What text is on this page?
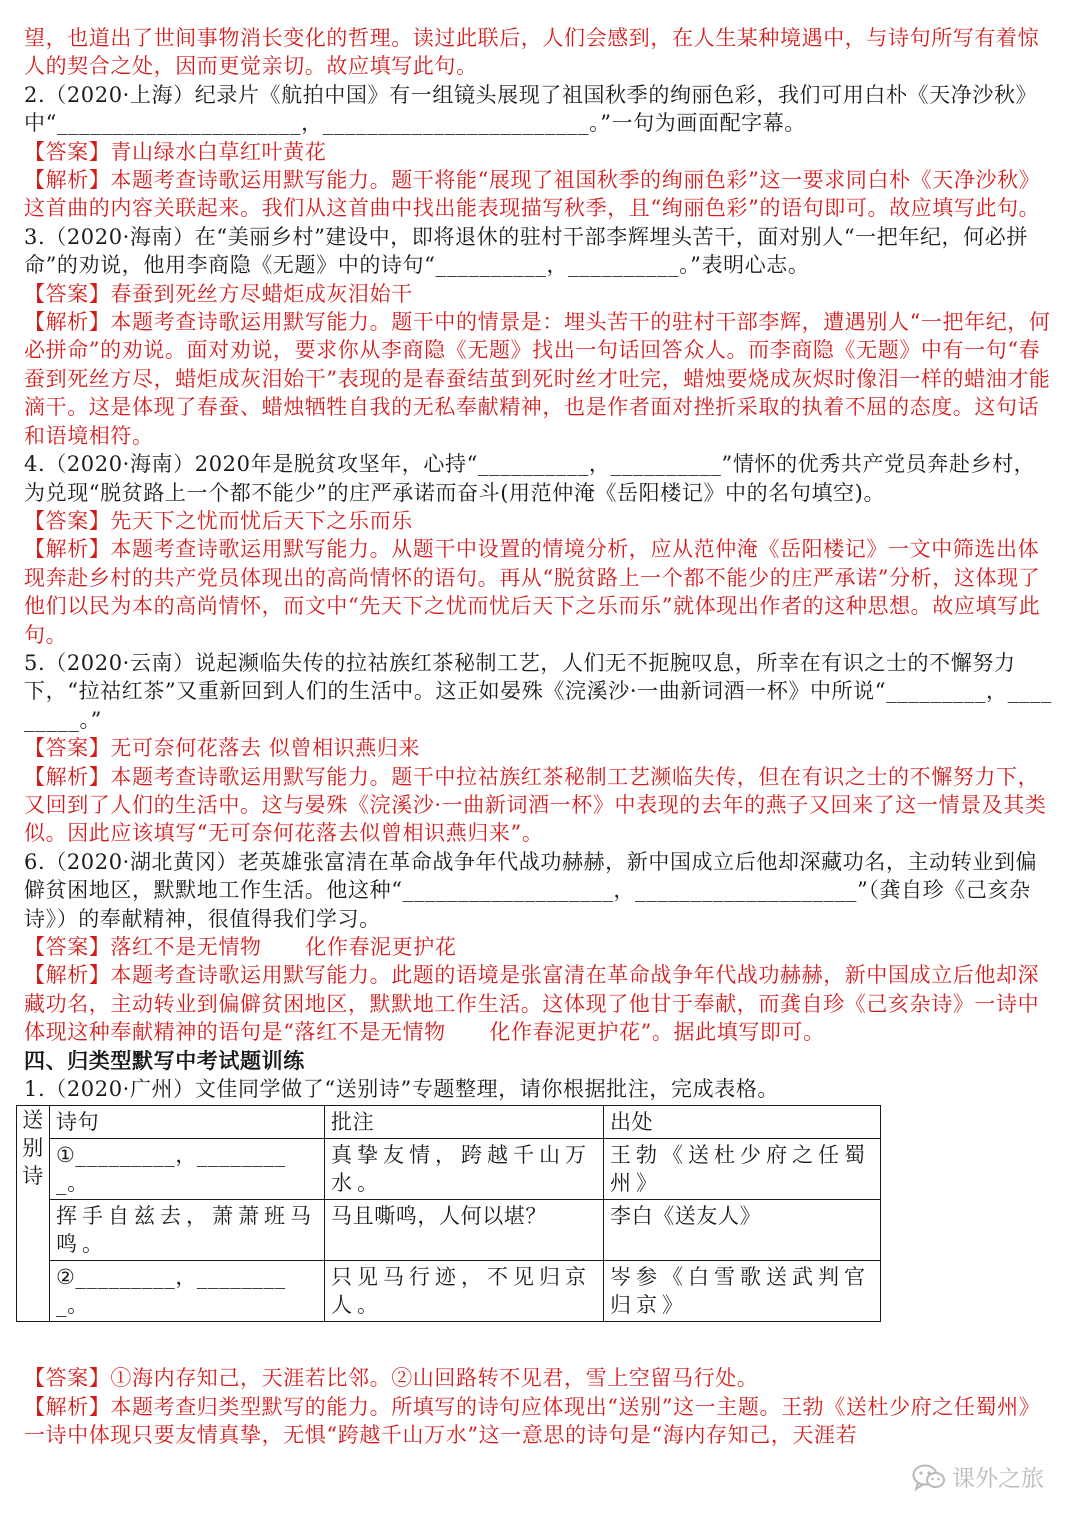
望，也道出了世间事物消长变化的哲理。读过此联后，人们会感到，在人生某种境遇中，与诗句所写有着惊人的契合之处，因而更觉亲切。故应填写此句。

2.（2020·上海）纪录片《航拍中国》有一组镜头展现了祖国秋季的绚丽色彩，我们可用白朴《天净沙秋》中“______________________，________________________。”一句为画面配字幕。

【答案】青山绿水白草红叶黄花

【解析】本题考查诗歌运用默写能力。题干将能“展现了祖国秋季的绚丽色彩”这一要求同白朴《天净沙秋》这首曲的内容关联起来。我们从这首曲中找出能表现描写秋季，且“绚丽色彩”的语句即可。故应填写此句。

3.（2020·海南）在“美丽乡村”建设中，即将退休的驻村干部李辉埋头苦干，面对别人“一把年纪，何必拼命”的劝说，他用李商隐《无题》中的诗句“__________，__________。”表明心志。

【答案】春蚕到死丝方尽蜡炬成灰泪始干

【解析】本题考查诗歌运用默写能力。题干中的情景是：埋头苦干的驻村干部李辉，遭遇别人“一把年纪，何必拼命”的劝说。面对劝说，要求你从李商隐《无题》找出一句话回答众人。而李商隐《无题》中有一句“春蚕到死丝方尽，蜡炬成灰泪始干”表现的是春蚕结茧到死时丝才吐完，蜡烛要烧成灰烬时像泪一样的蜡油才能滴干。这是体现了春蚕、蜡烛牺牲自我的无私奉献精神，也是作者面对挫折采取的执着不屈的态度。这句话和语境相符。

4.（2020·海南）2020年是脱贫攻坚年，心持“__________，__________”情怀的优秀共产党员奔赴乡村，为兑现“脱贫路上一个都不能少”的庄严承诺而奋斗(用范仲淹《岳阳楼记》中的名句填空)。

【答案】先天下之忧而忧后天下之乐而乐

【解析】本题考查诗歌运用默写能力。从题干中设置的情境分析，应从范仲淹《岳阳楼记》一文中筛选出体现奔赴乡村的共产党员体现出的高尚情怀的语句。再从“脱贫路上一个都不能少的庄严承诺”分析，这体现了他们以民为本的高尚情怀，而文中“先天下之忧而忧后天下之乐而乐”就体现出作者的这种思想。故应填写此句。

5.（2020·云南）说起濒临失传的拉祜族红茶秘制工艺，人们无不扼腕叹息，所幸在有识之士的不懈努力下，“拉祜红茶”又重新回到人们的生活中。这正如晏殊《浣溪沙·一曲新词酒一杯》中所说“_________，_________。”

【答案】无可奈何花落去 似曾相识燕归来

【解析】本题考查诗歌运用默写能力。题干中拉祜族红茶秘制工艺濒临失传，但在有识之士的不懈努力下，又回到了人们的生活中。这与晏殊《浣溪沙·一曲新词酒一杯》中表现的去年的燕子又回来了这一情景及其类似。因此应该填写“无可奈何花落去似曾相识燕归来”。

6.（2020·湖北黄冈）老英雄张富清在革命战争年代战功赫赫，新中国成立后他却深藏功名，主动转业到偏僻贫困地区，默默地工作生活。他这种“___________________，____________________”（龚自珍《己亥杂诗》）的奉献精神，很值得我们学习。

【答案】落红不是无情物      化作春泥更护花

【解析】本题考查诗歌运用默写能力。此题的语境是张富清在革命战争年代战功赫赫，新中国成立后他却深藏功名，主动转业到偏僻贫困地区，默默地工作生活。这体现了他甘于奉献，而龚自珍《己亥杂诗》一诗中体现这种奉献精神的语句是“落红不是无情物      化作春泥更护花”。据此填写即可。

四、归类型默写中考试题训练

1.（2020·广州）文佳同学做了“送别诗”专题整理，请你根据批注，完成表格。

送别诗	诗句	批注	出处
	①_________，________ _。	真挚友情，跨越千山万水。	王勃《送杜少府之任蜀州》
	挥手自兹去，萧萧班马鸣。	马且嘶鸣，人何以堪？	李白《送友人》
	②_________，________ _。	只见马行迹，不见归京人。	岑参《白雪歌送武判官归京》

【答案】①海内存知己，天涯若比邻。②山回路转不见君，雪上空留马行处。

【解析】本题考查归类型默写的能力。所填写的诗句应体现出“送别”这一主题。王勃《送杜少府之任蜀州》一诗中体现只要友情真挚，无惧“跨越千山万水”这一意思的诗句是“海内存知己，天涯若

课外之旅
